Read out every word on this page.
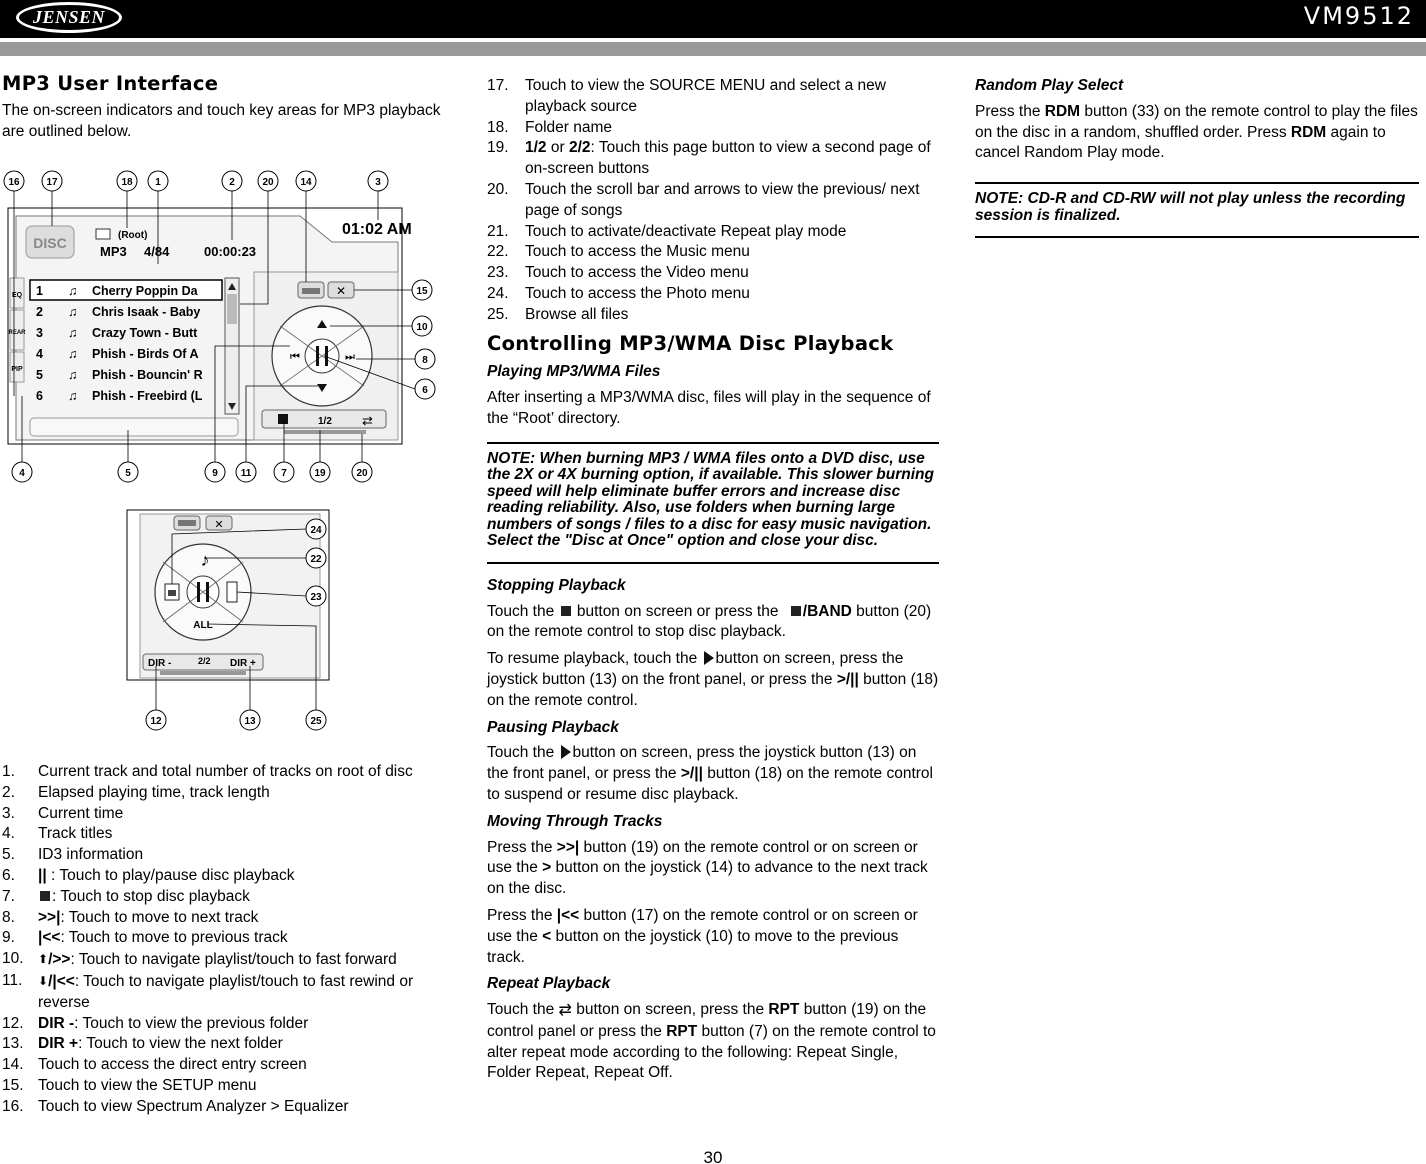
JENSEN	VM9512
MP3 User Interface

The on-screen indicators and touch key areas for MP3 playback are outlined below.

DISC
EQ
REAR
PIP
(Root)
MP3 4/84	00:00:23
01:02 AM
1 ♫ Cherry Poppin Da
2 ♫ Chris Isaak - Baby
3 ♫ Crazy Town - Butt
4 ♫ Phish - Birds Of A
5 ♫ Phish - Bouncin' R
6 ♫ Phish - Freebird (L
✕
⏮	⏭
1/2 ⇄
16	17	18 1	2	20	14	3
15
10
8
6
4	5	9 11	7	19	20
✕
♪
ALL
DIR -	2/2 DIR +
24
22
23
12	13	25
1. Current track and total number of tracks on root of disc
2. Elapsed playing time, track length
3. Current time
4. Track titles
5. ID3 information
6. || : Touch to play/pause disc playback
7. : Touch to stop disc playback
8. >>|: Touch to move to next track
9. |<<: Touch to move to previous track
10. ⬆/>>: Touch to navigate playlist/touch to fast forward
11. ⬇/|<<: Touch to navigate playlist/touch to fast rewind or reverse
12. DIR -: Touch to view the previous folder
13. DIR +: Touch to view the next folder
14. Touch to access the direct entry screen
15. Touch to view the SETUP menu
16. Touch to view Spectrum Analyzer > Equalizer
17. Touch to view the SOURCE MENU and select a new playback source
18. Folder name
19. 1/2 or 2/2: Touch this page button to view a second page of on-screen buttons
20. Touch the scroll bar and arrows to view the previous/ next page of songs
21. Touch to activate/deactivate Repeat play mode
22. Touch to access the Music menu
23. Touch to access the Video menu
24. Touch to access the Photo menu
25. Browse all files
Controlling MP3/WMA Disc Playback
Playing MP3/WMA Files

After inserting a MP3/WMA disc, files will play in the sequence of the “Root’ directory.

NOTE: When burning MP3 / WMA files onto a DVD disc, use the 2X or 4X burning option, if available. This slower burning speed will help eliminate buffer errors and increase disc reading reliability. Also, use folders when burning large numbers of songs / files to a disc for easy music navigation. Select the "Disc at Once" option and close your disc.
Stopping Playback

Touch the  button on screen or press the /BAND button (20) on the remote control to stop disc playback.

To resume playback, touch the button on screen, press the joystick button (13) on the front panel, or press the >/|| button (18) on the remote control.

Pausing Playback

Touch the button on screen, press the joystick button (13) on the front panel, or press the >/|| button (18) on the remote control to suspend or resume disc playback.

Moving Through Tracks

Press the >>| button (19) on the remote control or on screen or use the > button on the joystick (14) to advance to the next track on the disc.

Press the |<< button (17) on the remote control or on screen or use the < button on the joystick (10) to move to the previous track.

Repeat Playback

Touch the ⇄ button on screen, press the RPT button (19) on the control panel or press the RPT button (7) on the remote control to alter repeat mode according to the following: Repeat Single, Folder Repeat, Repeat Off.

Random Play Select

Press the RDM button (33) on the remote control to play the files on the disc in a random, shuffled order. Press RDM again to cancel Random Play mode.

NOTE: CD-R and CD-RW will not play unless the recording session is finalized.
30
